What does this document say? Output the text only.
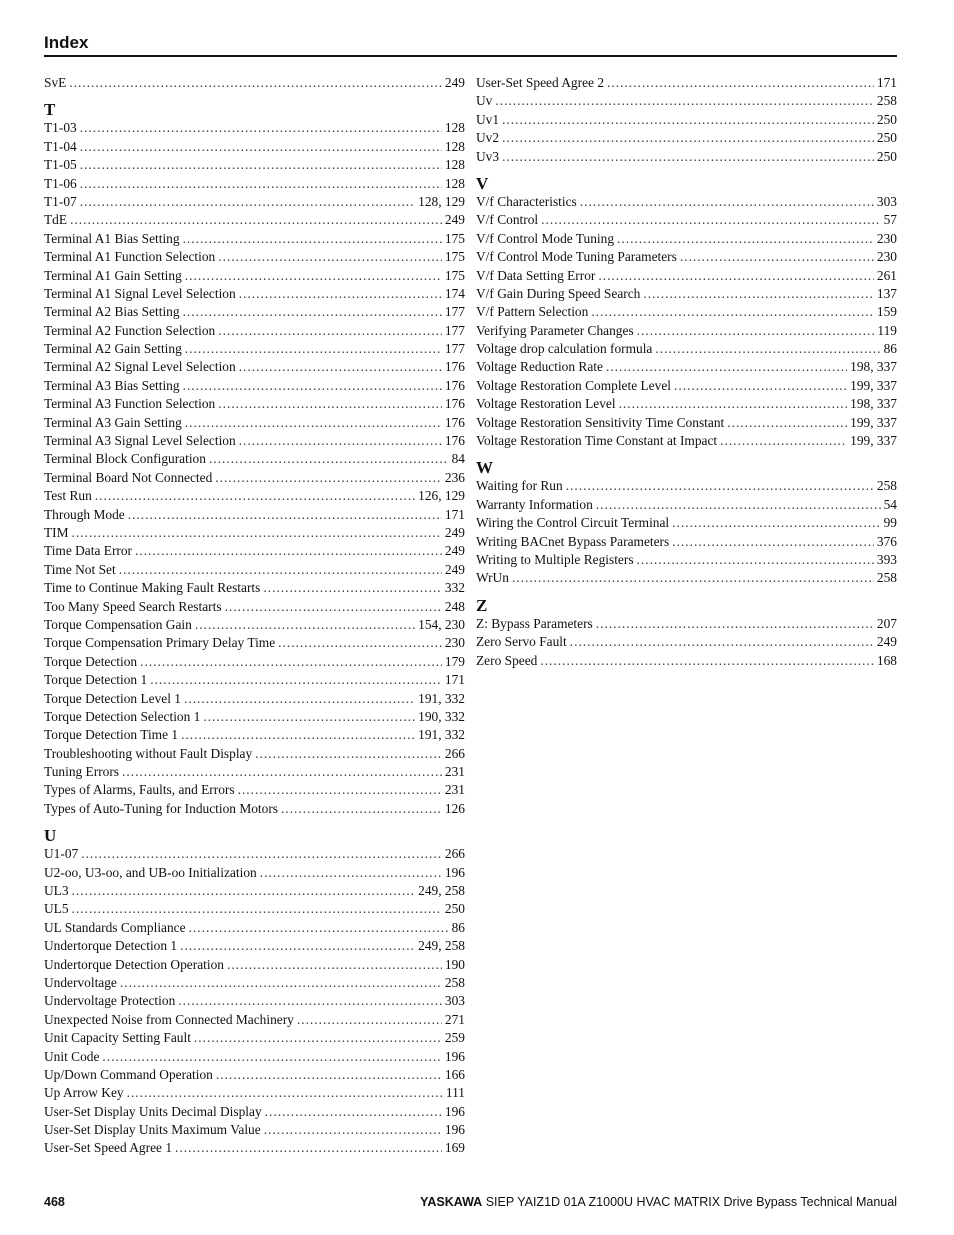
Index
SvE .....	249
T
T1-03 .....	128
T1-04 .....	128
T1-05 .....	128
T1-06 .....	128
T1-07 .....	128, 129
TdE .....	249
Terminal A1 Bias Setting .....	175
Terminal A1 Function Selection .....	175
Terminal A1 Gain Setting .....	175
Terminal A1 Signal Level Selection .....	174
Terminal A2 Bias Setting .....	177
Terminal A2 Function Selection .....	177
Terminal A2 Gain Setting .....	177
Terminal A2 Signal Level Selection .....	176
Terminal A3 Bias Setting .....	176
Terminal A3 Function Selection .....	176
Terminal A3 Gain Setting .....	176
Terminal A3 Signal Level Selection .....	176
Terminal Block Configuration .....	84
Terminal Board Not Connected .....	236
Test Run .....	126, 129
Through Mode .....	171
TIM .....	249
Time Data Error .....	249
Time Not Set .....	249
Time to Continue Making Fault Restarts .....	332
Too Many Speed Search Restarts .....	248
Torque Compensation Gain .....	154, 230
Torque Compensation Primary Delay Time .....	230
Torque Detection .....	179
Torque Detection 1 .....	171
Torque Detection Level 1 .....	191, 332
Torque Detection Selection 1 .....	190, 332
Torque Detection Time 1 .....	191, 332
Troubleshooting without Fault Display .....	266
Tuning Errors .....	231
Types of Alarms, Faults, and Errors .....	231
Types of Auto-Tuning for Induction Motors .....	126
U
U1-07 .....	266
U2-oo, U3-oo, and UB-oo Initialization .....	196
UL3 .....	249, 258
UL5 .....	250
UL Standards Compliance .....	86
Undertorque Detection 1 .....	249, 258
Undertorque Detection Operation .....	190
Undervoltage .....	258
Undervoltage Protection .....	303
Unexpected Noise from Connected Machinery .....	271
Unit Capacity Setting Fault .....	259
Unit Code .....	196
Up/Down Command Operation .....	166
Up Arrow Key .....	111
User-Set Display Units Decimal Display .....	196
User-Set Display Units Maximum Value .....	196
User-Set Speed Agree 1 .....	169
User-Set Speed Agree 2 .....	171
Uv .....	258
Uv1 .....	250
Uv2 .....	250
Uv3 .....	250
V
V/f Characteristics .....	303
V/f Control .....	57
V/f Control Mode Tuning .....	230
V/f Control Mode Tuning Parameters .....	230
V/f Data Setting Error .....	261
V/f Gain During Speed Search .....	137
V/f Pattern Selection .....	159
Verifying Parameter Changes .....	119
Voltage drop calculation formula .....	86
Voltage Reduction Rate .....	198, 337
Voltage Restoration Complete Level .....	199, 337
Voltage Restoration Level .....	198, 337
Voltage Restoration Sensitivity Time Constant .....	199, 337
Voltage Restoration Time Constant at Impact .....	199, 337
W
Waiting for Run .....	258
Warranty Information .....	54
Wiring the Control Circuit Terminal .....	99
Writing BACnet Bypass Parameters .....	376
Writing to Multiple Registers .....	393
WrUn .....	258
Z
Z: Bypass Parameters .....	207
Zero Servo Fault .....	249
Zero Speed .....	168
468	YASKAWA SIEP YAIZ1D 01A Z1000U HVAC MATRIX Drive Bypass Technical Manual
